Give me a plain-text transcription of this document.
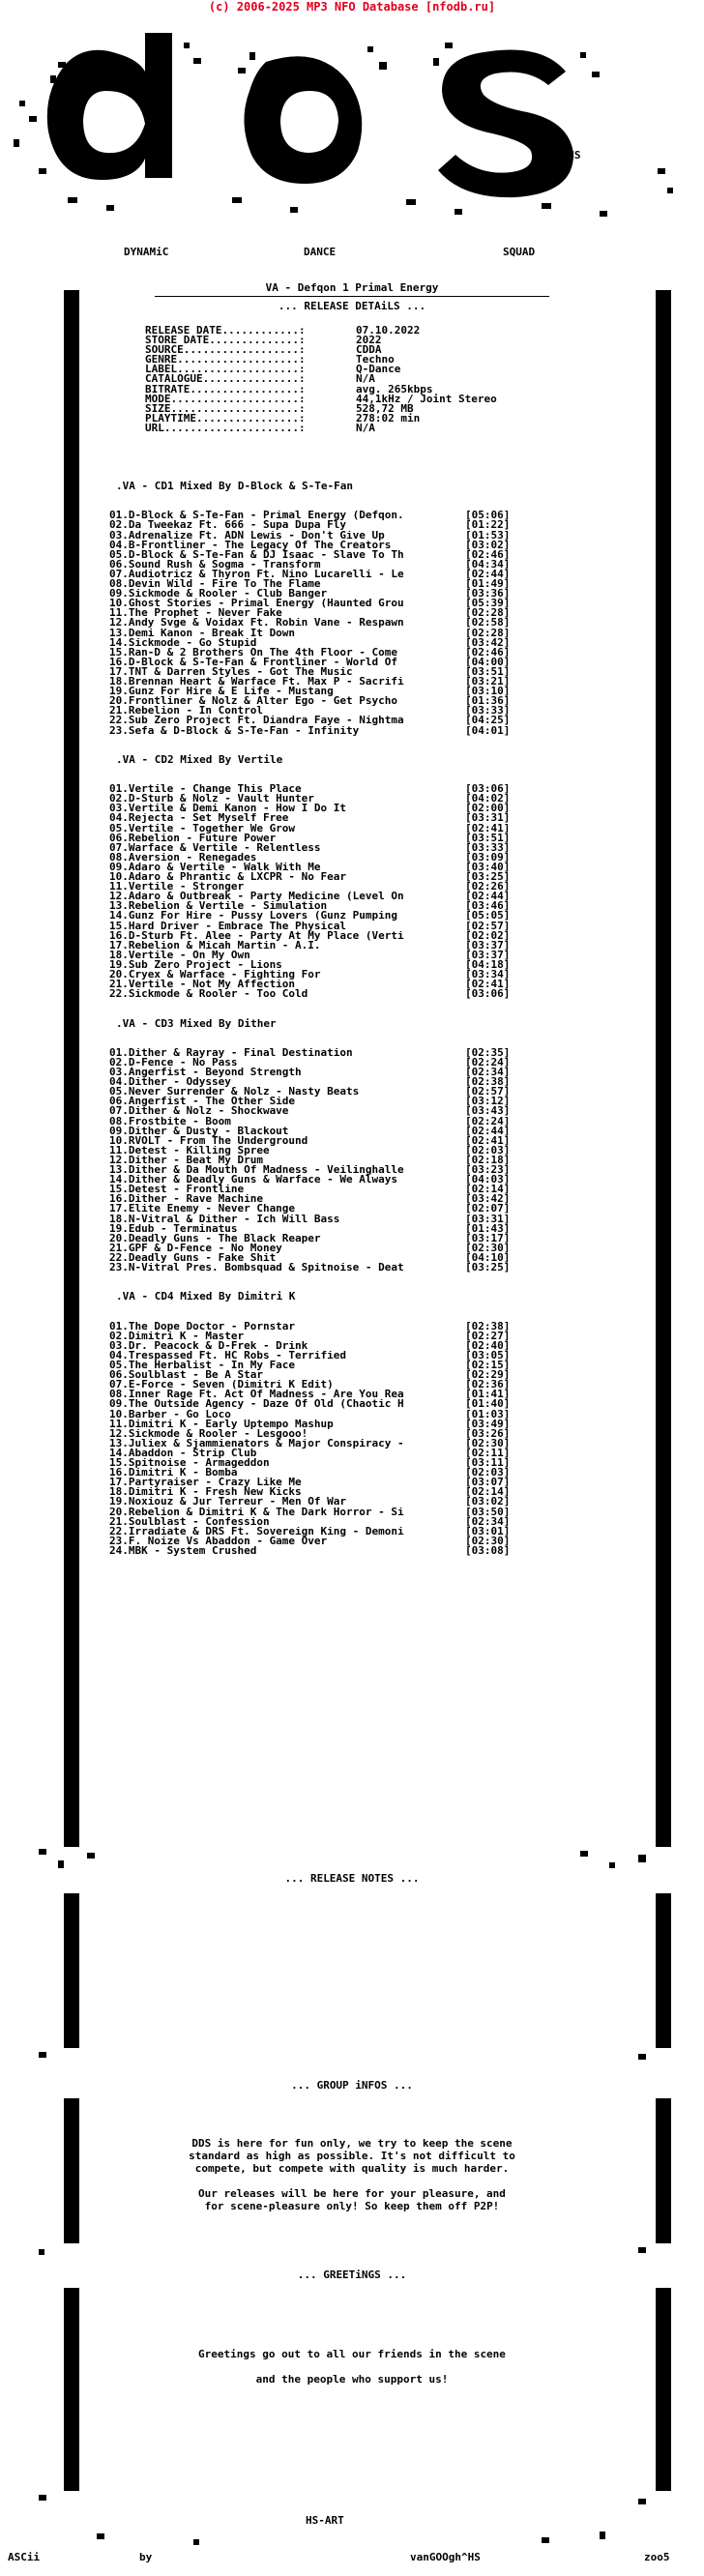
(c) 2006-2025 MP3 NFO Database [nfodb.ru]
DYNAMiC	DANCE	SQUAD
G
O
O"HS
VA - Defqon 1 Primal Energy
... RELEASE DETAiLS ...
RELEASE DATE............:	07.10.2022
STORE DATE..............:	2022
SOURCE..................:	CDDA
GENRE...................:	Techno
LABEL...................:	Q-Dance
CATALOGUE...............:	N/A
BITRATE.................:	avg. 265kbps
MODE....................:	44,1kHz / Joint Stereo
SIZE....................:	528,72 MB
PLAYTIME................:	278:02 min
URL.....................:	N/A
.VA - CD1 Mixed By D-Block & S-Te-Fan
01.D-Block & S-Te-Fan - Primal Energy (Defqon.	[05:06]
02.Da Tweekaz Ft. 666 - Supa Dupa Fly	[01:22]
03.Adrenalize Ft. ADN Lewis - Don't Give Up	[01:53]
04.B-Frontliner - The Legacy Of The Creators	[03:02]
05.D-Block & S-Te-Fan & DJ Isaac - Slave To Th	[02:46]
06.Sound Rush & Sogma - Transform	[04:34]
07.Audiotricz & Thyron Ft. Nino Lucarelli - Le	[02:44]
08.Devin Wild - Fire To The Flame	[01:49]
09.Sickmode & Rooler - Club Banger	[03:36]
10.Ghost Stories - Primal Energy (Haunted Grou	[05:39]
11.The Prophet - Never Fake	[02:28]
12.Andy Svge & Voidax Ft. Robin Vane - Respawn	[02:58]
13.Demi Kanon - Break It Down	[02:28]
14.Sickmode - Go Stupid	[03:42]
15.Ran-D & 2 Brothers On The 4th Floor - Come	[02:46]
16.D-Block & S-Te-Fan & Frontliner - World Of	[04:00]
17.TNT & Darren Styles - Got The Music	[03:51]
18.Brennan Heart & Warface Ft. Max P - Sacrifi	[03:21]
19.Gunz For Hire & E Life - Mustang	[03:10]
20.Frontliner & Nolz & Alter Ego - Get Psycho	[01:36]
21.Rebelion - In Control	[03:33]
22.Sub Zero Project Ft. Diandra Faye - Nightma	[04:25]
23.Sefa & D-Block & S-Te-Fan - Infinity	[04:01]
.VA - CD2 Mixed By Vertile
01.Vertile - Change This Place	[03:06]
02.D-Sturb & Nolz - Vault Hunter	[04:02]
03.Vertile & Demi Kanon - How I Do It	[02:00]
04.Rejecta - Set Myself Free	[03:31]
05.Vertile - Together We Grow	[02:41]
06.Rebelion - Future Power	[03:51]
07.Warface & Vertile - Relentless	[03:33]
08.Aversion - Renegades	[03:09]
09.Adaro & Vertile - Walk With Me	[03:40]
10.Adaro & Phrantic & LXCPR - No Fear	[03:25]
11.Vertile - Stronger	[02:26]
12.Adaro & Outbreak - Party Medicine (Level On	[02:44]
13.Rebelion & Vertile - Simulation	[03:46]
14.Gunz For Hire - Pussy Lovers (Gunz Pumping	[05:05]
15.Hard Driver - Embrace The Physical	[02:57]
16.D-Sturb Ft. Alee - Party At My Place (Verti	[02:02]
17.Rebelion & Micah Martin - A.I.	[03:37]
18.Vertile - On My Own	[03:37]
19.Sub Zero Project - Lions	[04:18]
20.Cryex & Warface - Fighting For	[03:34]
21.Vertile - Not My Affection	[02:41]
22.Sickmode & Rooler - Too Cold	[03:06]
.VA - CD3 Mixed By Dither
01.Dither & Rayray - Final Destination	[02:35]
02.D-Fence - No Pass	[02:24]
03.Angerfist - Beyond Strength	[02:34]
04.Dither - Odyssey	[02:38]
05.Never Surrender & Nolz - Nasty Beats	[02:57]
06.Angerfist - The Other Side	[03:12]
07.Dither & Nolz - Shockwave	[03:43]
08.Frostbite - Boom	[02:24]
09.Dither & Dusty - Blackout	[02:44]
10.RVOLT - From The Underground	[02:41]
11.Detest - Killing Spree	[02:03]
12.Dither - Beat My Drum	[02:18]
13.Dither & Da Mouth Of Madness - Veilinghalle	[03:23]
14.Dither & Deadly Guns & Warface - We Always	[04:03]
15.Detest - Frontline	[02:14]
16.Dither - Rave Machine	[03:42]
17.Elite Enemy - Never Change	[02:07]
18.N-Vitral & Dither - Ich Will Bass	[03:31]
19.Edub - Terminatus	[01:43]
20.Deadly Guns - The Black Reaper	[03:17]
21.GPF & D-Fence - No Money	[02:30]
22.Deadly Guns - Fake Shit	[04:10]
23.N-Vitral Pres. Bombsquad & Spitnoise - Deat	[03:25]
.VA - CD4 Mixed By Dimitri K
01.The Dope Doctor - Pornstar	[02:38]
02.Dimitri K - Master	[02:27]
03.Dr. Peacock & D-Frek - Drink	[02:40]
04.Trespassed Ft. HC Robs - Terrified	[03:05]
05.The Herbalist - In My Face	[02:15]
06.Soulblast - Be A Star	[02:29]
07.E-Force - Seven (Dimitri K Edit)	[02:36]
08.Inner Rage Ft. Act Of Madness - Are You Rea	[01:41]
09.The Outside Agency - Daze Of Old (Chaotic H	[01:40]
10.Barber - Go Loco	[01:03]
11.Dimitri K - Early Uptempo Mashup	[03:49]
12.Sickmode & Rooler - Lesgooo!	[03:26]
13.Juliex & Sjammienators & Major Conspiracy -	[02:30]
14.Abaddon - Strip Club	[02:11]
15.Spitnoise - Armageddon	[03:11]
16.Dimitri K - Bomba	[02:03]
17.Partyraiser - Crazy Like Me	[03:07]
18.Dimitri K - Fresh New Kicks	[02:14]
19.Noxiouz & Jur Terreur - Men Of War	[03:02]
20.Rebelion & Dimitri K & The Dark Horror - Si	[03:50]
21.Soulblast - Confession	[02:34]
22.Irradiate & DRS Ft. Sovereign King - Demoni	[03:01]
23.F. Noize Vs Abaddon - Game Over	[02:30]
24.MBK - System Crushed	[03:08]
... RELEASE NOTES ...
... GROUP iNFOS ...
DDS is here for fun only, we try to keep the scene
standard as high as possible. It's not difficult to
compete, but compete with quality is much harder.
Our releases will be here for your pleasure, and
for scene-pleasure only! So keep them off P2P!
... GREETiNGS ...
Greetings go out to all our friends in the scene
and the people who support us!
HS-ART
ASCii	by	vanGOOgh^HS	zoo5
